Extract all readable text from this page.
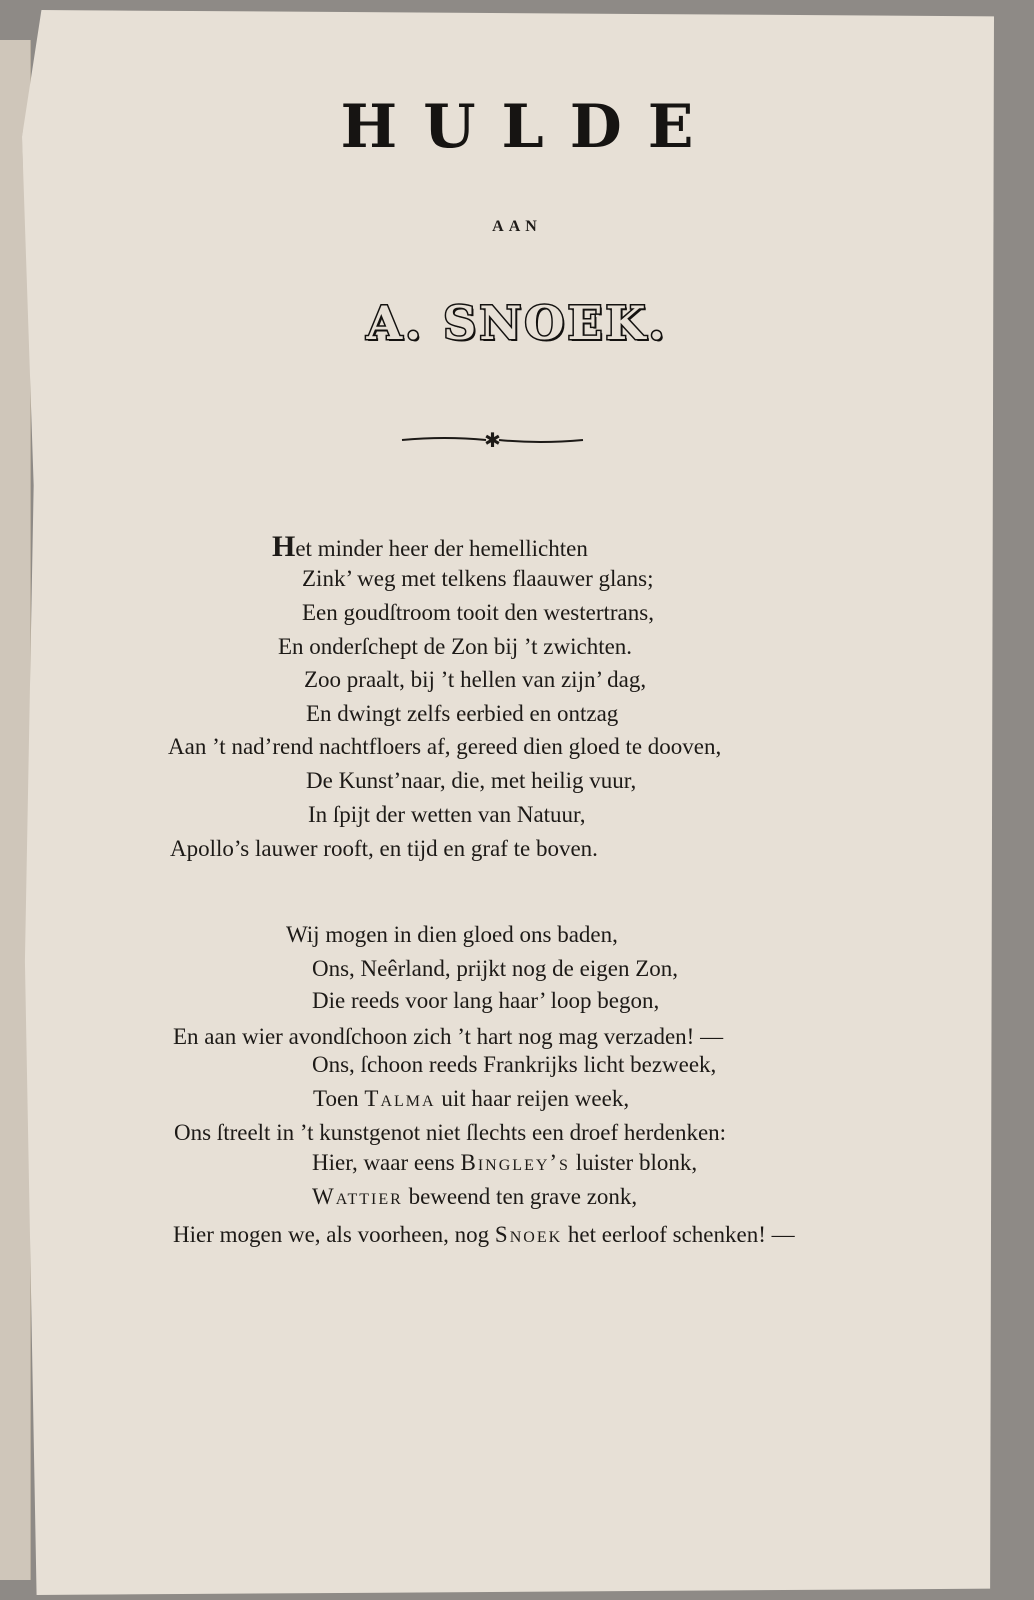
HULDE
AAN
A. SNOEK.
✱
Het minder heer der hemellichten
Zink’ weg met telkens flaauwer glans;
Een goudſtroom tooit den westertrans,
En onderſchept de Zon bij ’t zwichten.
Zoo praalt, bij ’t hellen van zijn’ dag,
En dwingt zelfs eerbied en ontzag
Aan ’t nad’rend nachtfloers af, gereed dien gloed te dooven,
De Kunst’naar, die, met heilig vuur,
In ſpijt der wetten van Natuur,
Apollo’s lauwer rooft, en tijd en graf te boven.
Wij mogen in dien gloed ons baden,
Ons, Neêrland, prijkt nog de eigen Zon,
Die reeds voor lang haar’ loop begon,
En aan wier avondſchoon zich ’t hart nog mag verzaden! —
Ons, ſchoon reeds Frankrijks licht bezweek,
Toen Talma uit haar reijen week,
Ons ſtreelt in ’t kunstgenot niet ſlechts een droef herdenken:
Hier, waar eens Bingley’s luister blonk,
Wattier beweend ten grave zonk,
Hier mogen we, als voorheen, nog Snoek het eerloof schenken! —
